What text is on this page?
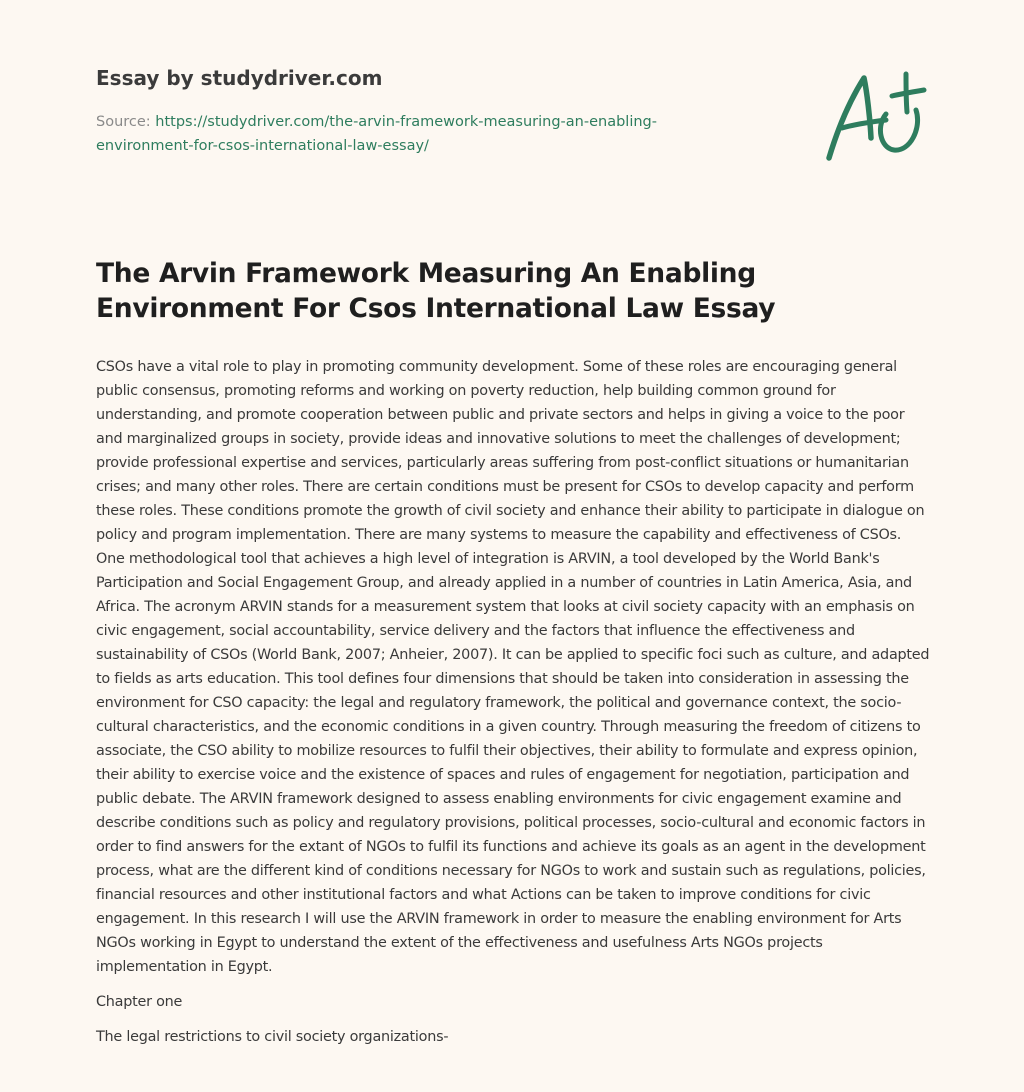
Essay by studydriver.com
Source: https://studydriver.com/the-arvin-framework-measuring-an-enabling-
environment-for-csos-international-law-essay/
The Arvin Framework Measuring An Enabling Environment For Csos International Law Essay

CSOs have a vital role to play in promoting community development. Some of these roles are encouraging general public consensus, promoting reforms and working on poverty reduction, help building common ground for understanding, and promote cooperation between public and private sectors and helps in giving a voice to the poor and marginalized groups in society, provide ideas and innovative solutions to meet the challenges of development; provide professional expertise and services, particularly areas suffering from post-conflict situations or humanitarian crises; and many other roles. There are certain conditions must be present for CSOs to develop capacity and perform these roles. These conditions promote the growth of civil society and enhance their ability to participate in dialogue on policy and program implementation. There are many systems to measure the capability and effectiveness of CSOs. One methodological tool that achieves a high level of integration is ARVIN, a tool developed by the World Bank's Participation and Social Engagement Group, and already applied in a number of countries in Latin America, Asia, and Africa. The acronym ARVIN stands for a measurement system that looks at civil society capacity with an emphasis on civic engagement, social accountability, service delivery and the factors that influence the effectiveness and sustainability of CSOs (World Bank, 2007; Anheier, 2007). It can be applied to specific foci such as culture, and adapted to fields as arts education. This tool defines four dimensions that should be taken into consideration in assessing the environment for CSO capacity: the legal and regulatory framework, the political and governance context, the socio-cultural characteristics, and the economic conditions in a given country. Through measuring the freedom of citizens to associate, the CSO ability to mobilize resources to fulfil their objectives, their ability to formulate and express opinion, their ability to exercise voice and the existence of spaces and rules of engagement for negotiation, participation and public debate. The ARVIN framework designed to assess enabling environments for civic engagement examine and describe conditions such as policy and regulatory provisions, political processes, socio-cultural and economic factors in order to find answers for the extant of NGOs to fulfil its functions and achieve its goals as an agent in the development process, what are the different kind of conditions necessary for NGOs to work and sustain such as regulations, policies, financial resources and other institutional factors and what Actions can be taken to improve conditions for civic engagement. In this research I will use the ARVIN framework in order to measure the enabling environment for Arts NGOs working in Egypt to understand the extent of the effectiveness and usefulness Arts NGOs projects implementation in Egypt.

Chapter one

The legal restrictions to civil society organizations-
